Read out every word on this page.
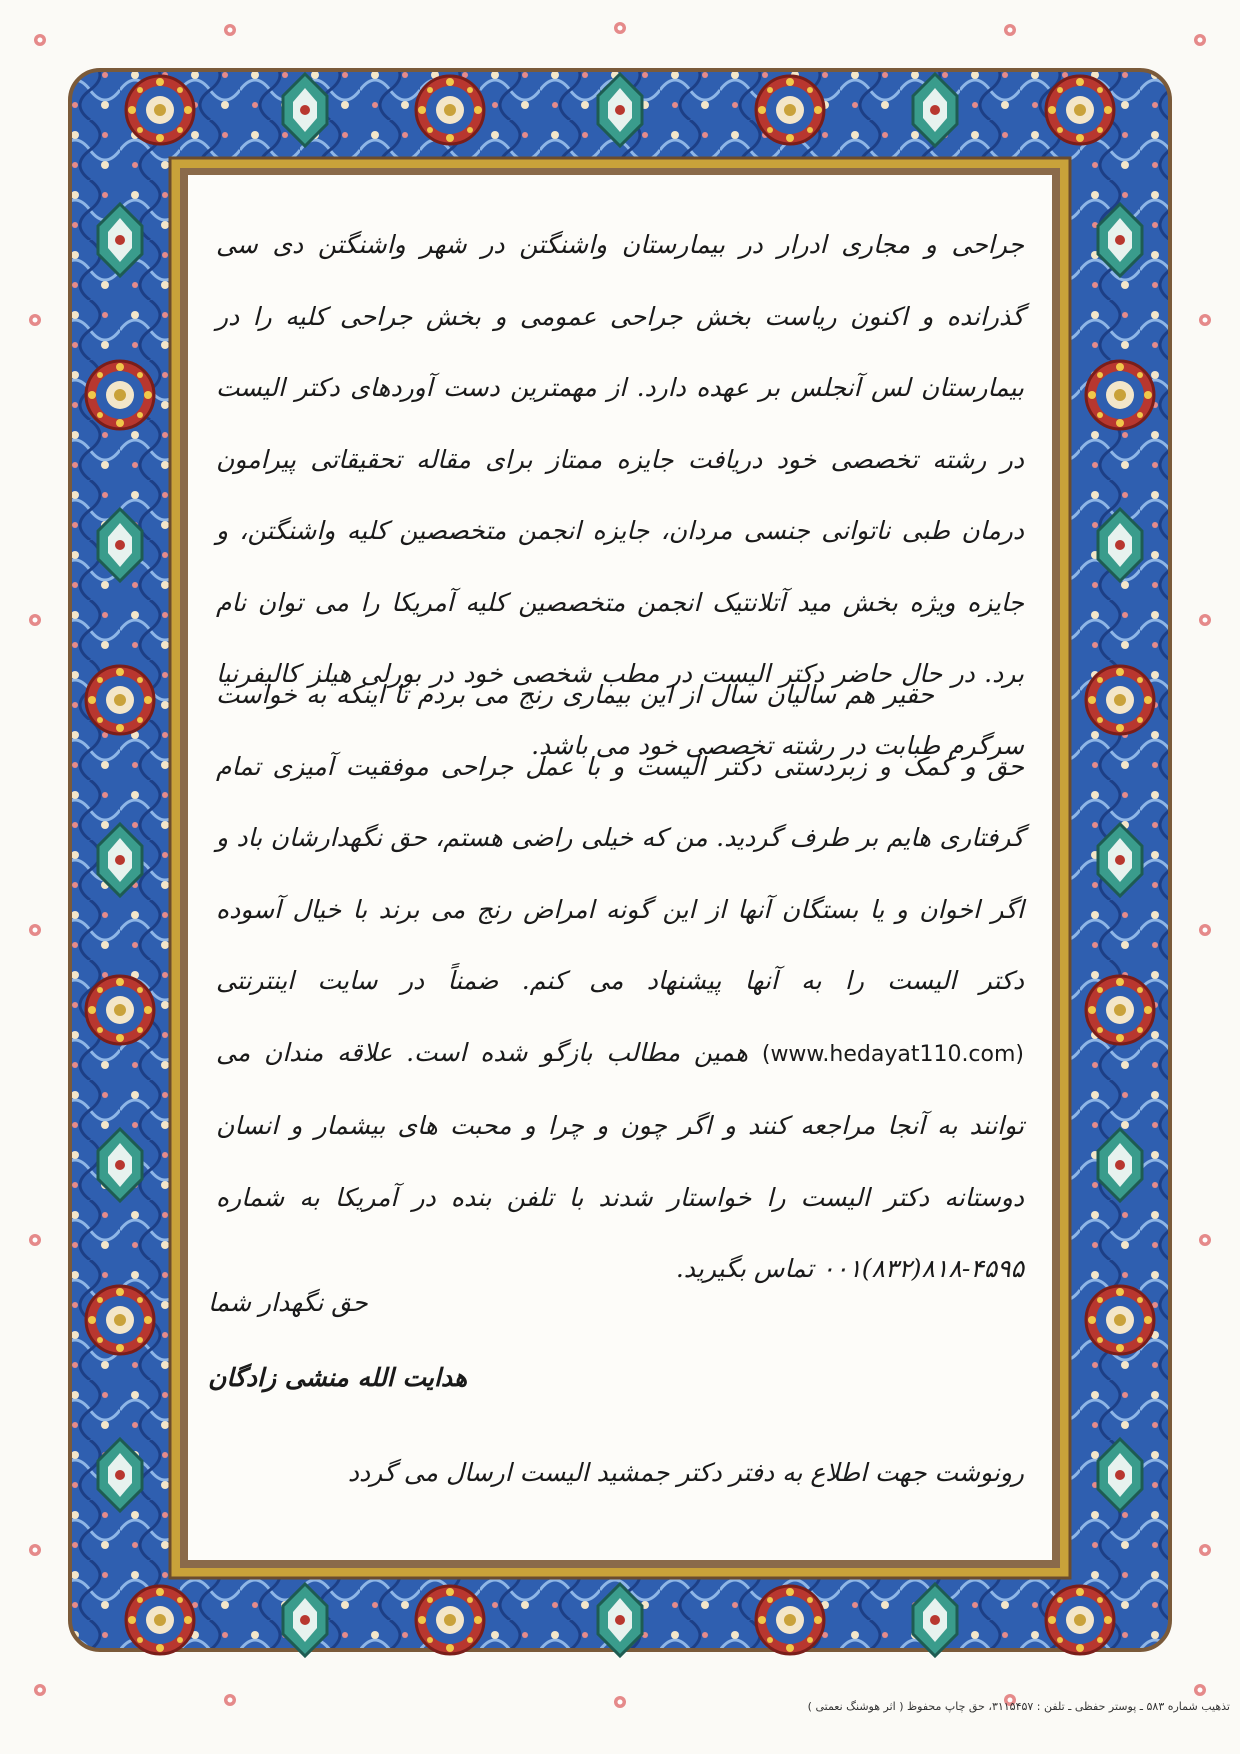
جراحی و مجاری ادرار در بیمارستان واشنگتن در شهر واشنگتن دی سی گذرانده و اکنون ریاست بخش جراحی عمومی و بخش جراحی کلیه را در بیمارستان لس آنجلس بر عهده دارد. از مهمترین دست آوردهای دکتر الیست در رشته تخصصی خود دریافت جایزه ممتاز برای مقاله تحقیقاتی پیرامون درمان طبی ناتوانی جنسی مردان، جایزه انجمن متخصصین کلیه واشنگتن، و جایزه ویژه بخش مید آتلانتیک انجمن متخصصین کلیه آمریکا را می توان نام برد. در حال حاضر دکتر الیست در مطب شخصی خود در بورلی هیلز کالیفرنیا سرگرم طبابت در رشته تخصصی خود می باشد.

حقیر هم سالیان سال از این بیماری رنج می بردم تا اینکه به خواست حق و کمک و زبردستی دکتر الیست و با عمل جراحی موفقیت آمیزی تمام گرفتاری هایم بر طرف گردید. من که خیلی راضی هستم، حق نگهدارشان باد و اگر اخوان و یا بستگان آنها از این گونه امراض رنج می برند با خیال آسوده دکتر الیست را به آنها پیشنهاد می کنم. ضمناً در سایت اینترنتی (www.hedayat110.com) همین مطالب بازگو شده است. علاقه مندان می توانند به آنجا مراجعه کنند و اگر چون و چرا و محبت های بیشمار و انسان دوستانه دکتر الیست را خواستار شدند با تلفن بنده در آمریکا به شماره ۴۵۹۵-۸۱۸(۸۳۲)۰۰۱ تماس بگیرید.

حق نگهدار شما
هدایت الله منشی زادگان
رونوشت جهت اطلاع به دفتر دکتر جمشید الیست ارسال می گردد
تذهیب شماره ۵۸۳ ـ پوستر حفظی ـ تلفن : ۳۱۱۵۴۵۷، حق چاپ محفوظ ( اثر هوشنگ نعمتی )
